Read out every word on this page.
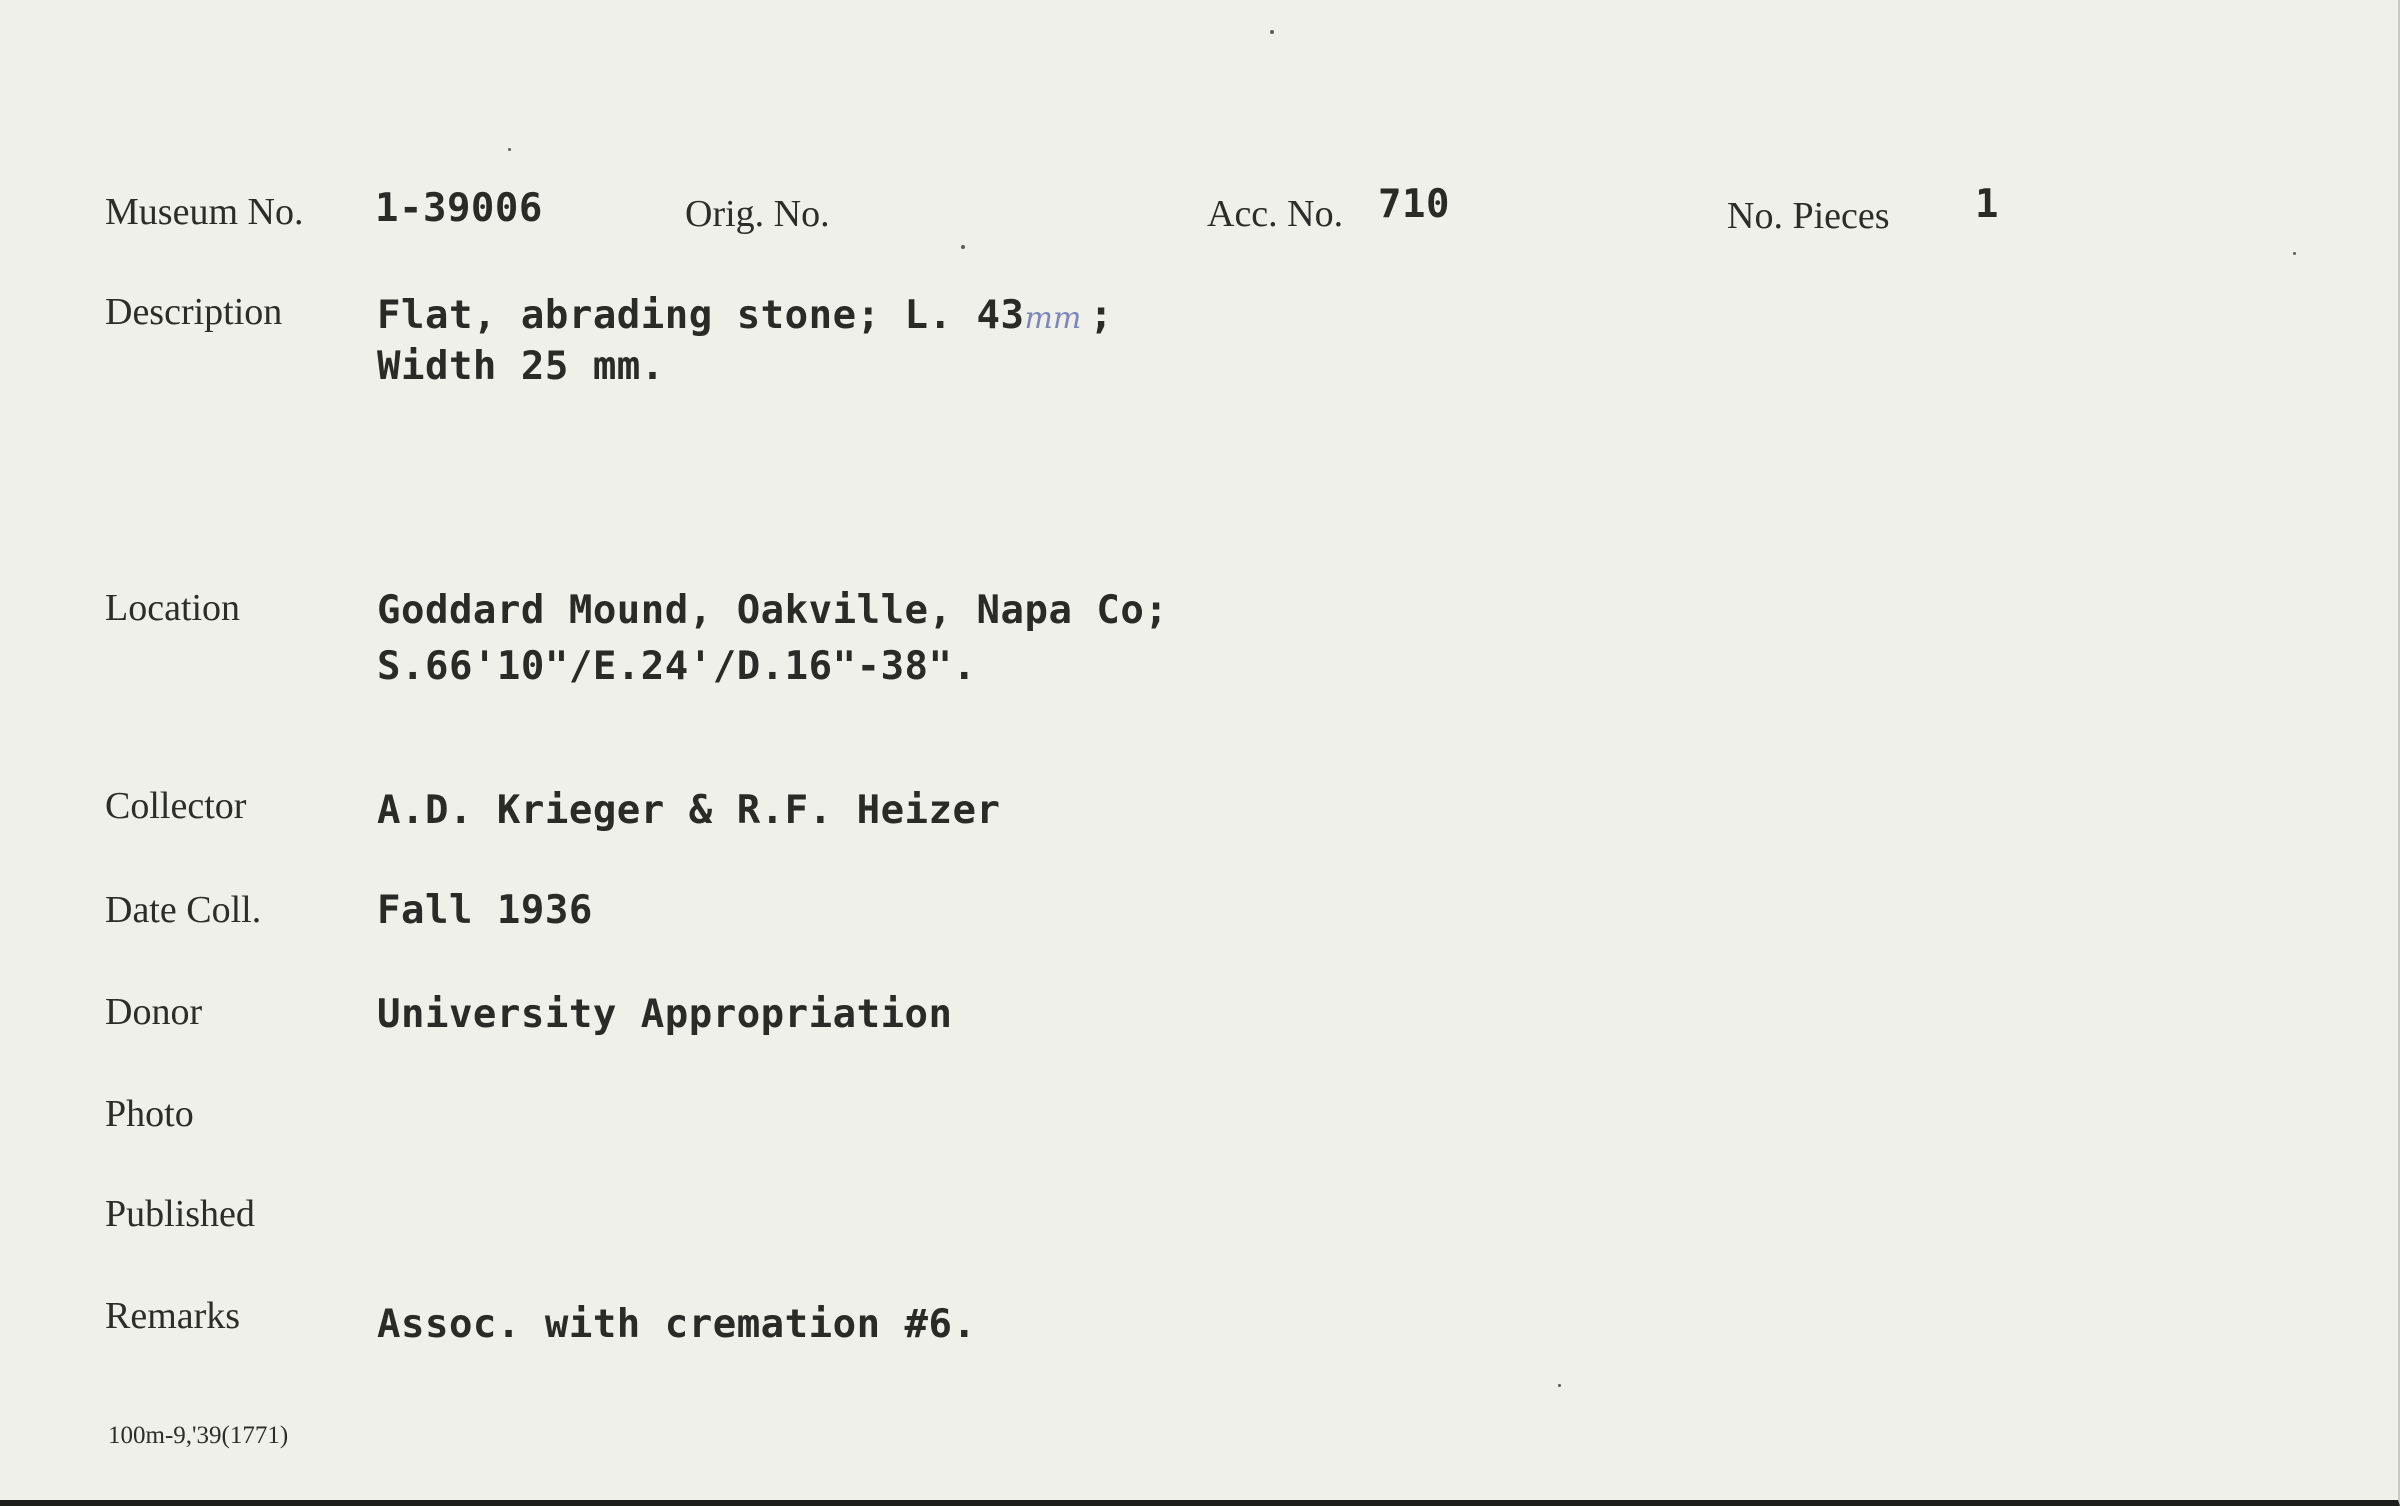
Museum No. 1-39006	Orig. No.	Acc. No. 710	No. Pieces 1
Description Flat, abrading stone; L. 43mm ;
Width 25 mm.
Location	Goddard Mound, Oakville, Napa Co;
S.66'10"/E.24'/D.16"-38".
Collector	A.D. Krieger & R.F. Heizer
Date Coll.	Fall 1936
Donor	University Appropriation
Photo
Published
Remarks	Assoc. with cremation #6.
100m-9,'39(1771)
